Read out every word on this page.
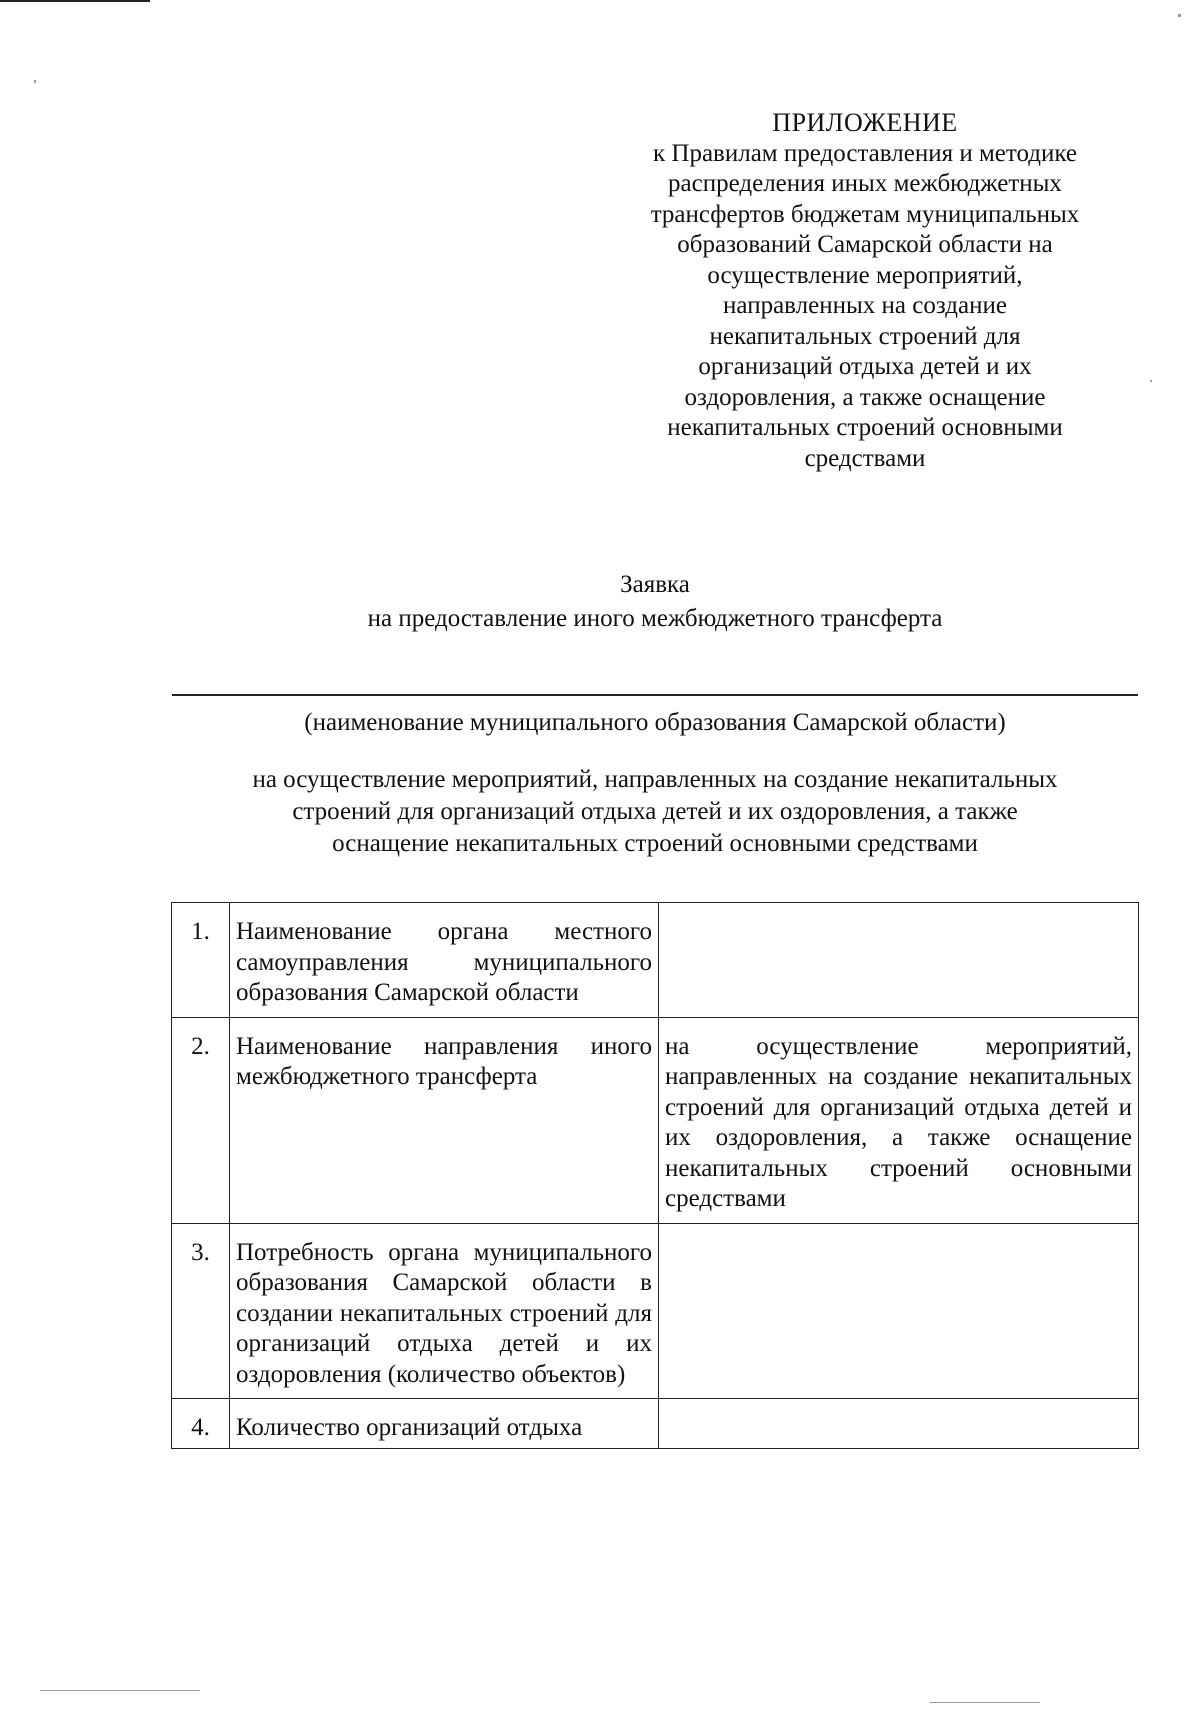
ПРИЛОЖЕНИЕ
к Правилам предоставления и методике
распределения иных межбюджетных
трансфертов бюджетам муниципальных
образований Самарской области на
осуществление мероприятий,
направленных на создание
некапитальных строений для
организаций отдыха детей и их
оздоровления, а также оснащение
некапитальных строений основными
средствами
Заявка
на предоставление иного межбюджетного трансферта
(наименование муниципального образования Самарской области)
на осуществление мероприятий, направленных на создание некапитальных
строений для организаций отдыха детей и их оздоровления, а также
оснащение некапитальных строений основными средствами
1.	Наименование органа местного самоуправления муниципального образования Самарской области	
2.	Наименование направления иного межбюджетного трансферта	на осуществление мероприятий, направленных на создание некапитальных строений для организаций отдыха детей и их оздоровления, а также оснащение некапитальных строений основными средствами
3.	Потребность органа муниципального образования Самарской области в создании некапитальных строений для организаций отдыха детей и их оздоровления (количество объектов)	
4.	Количество организаций отдыха	
